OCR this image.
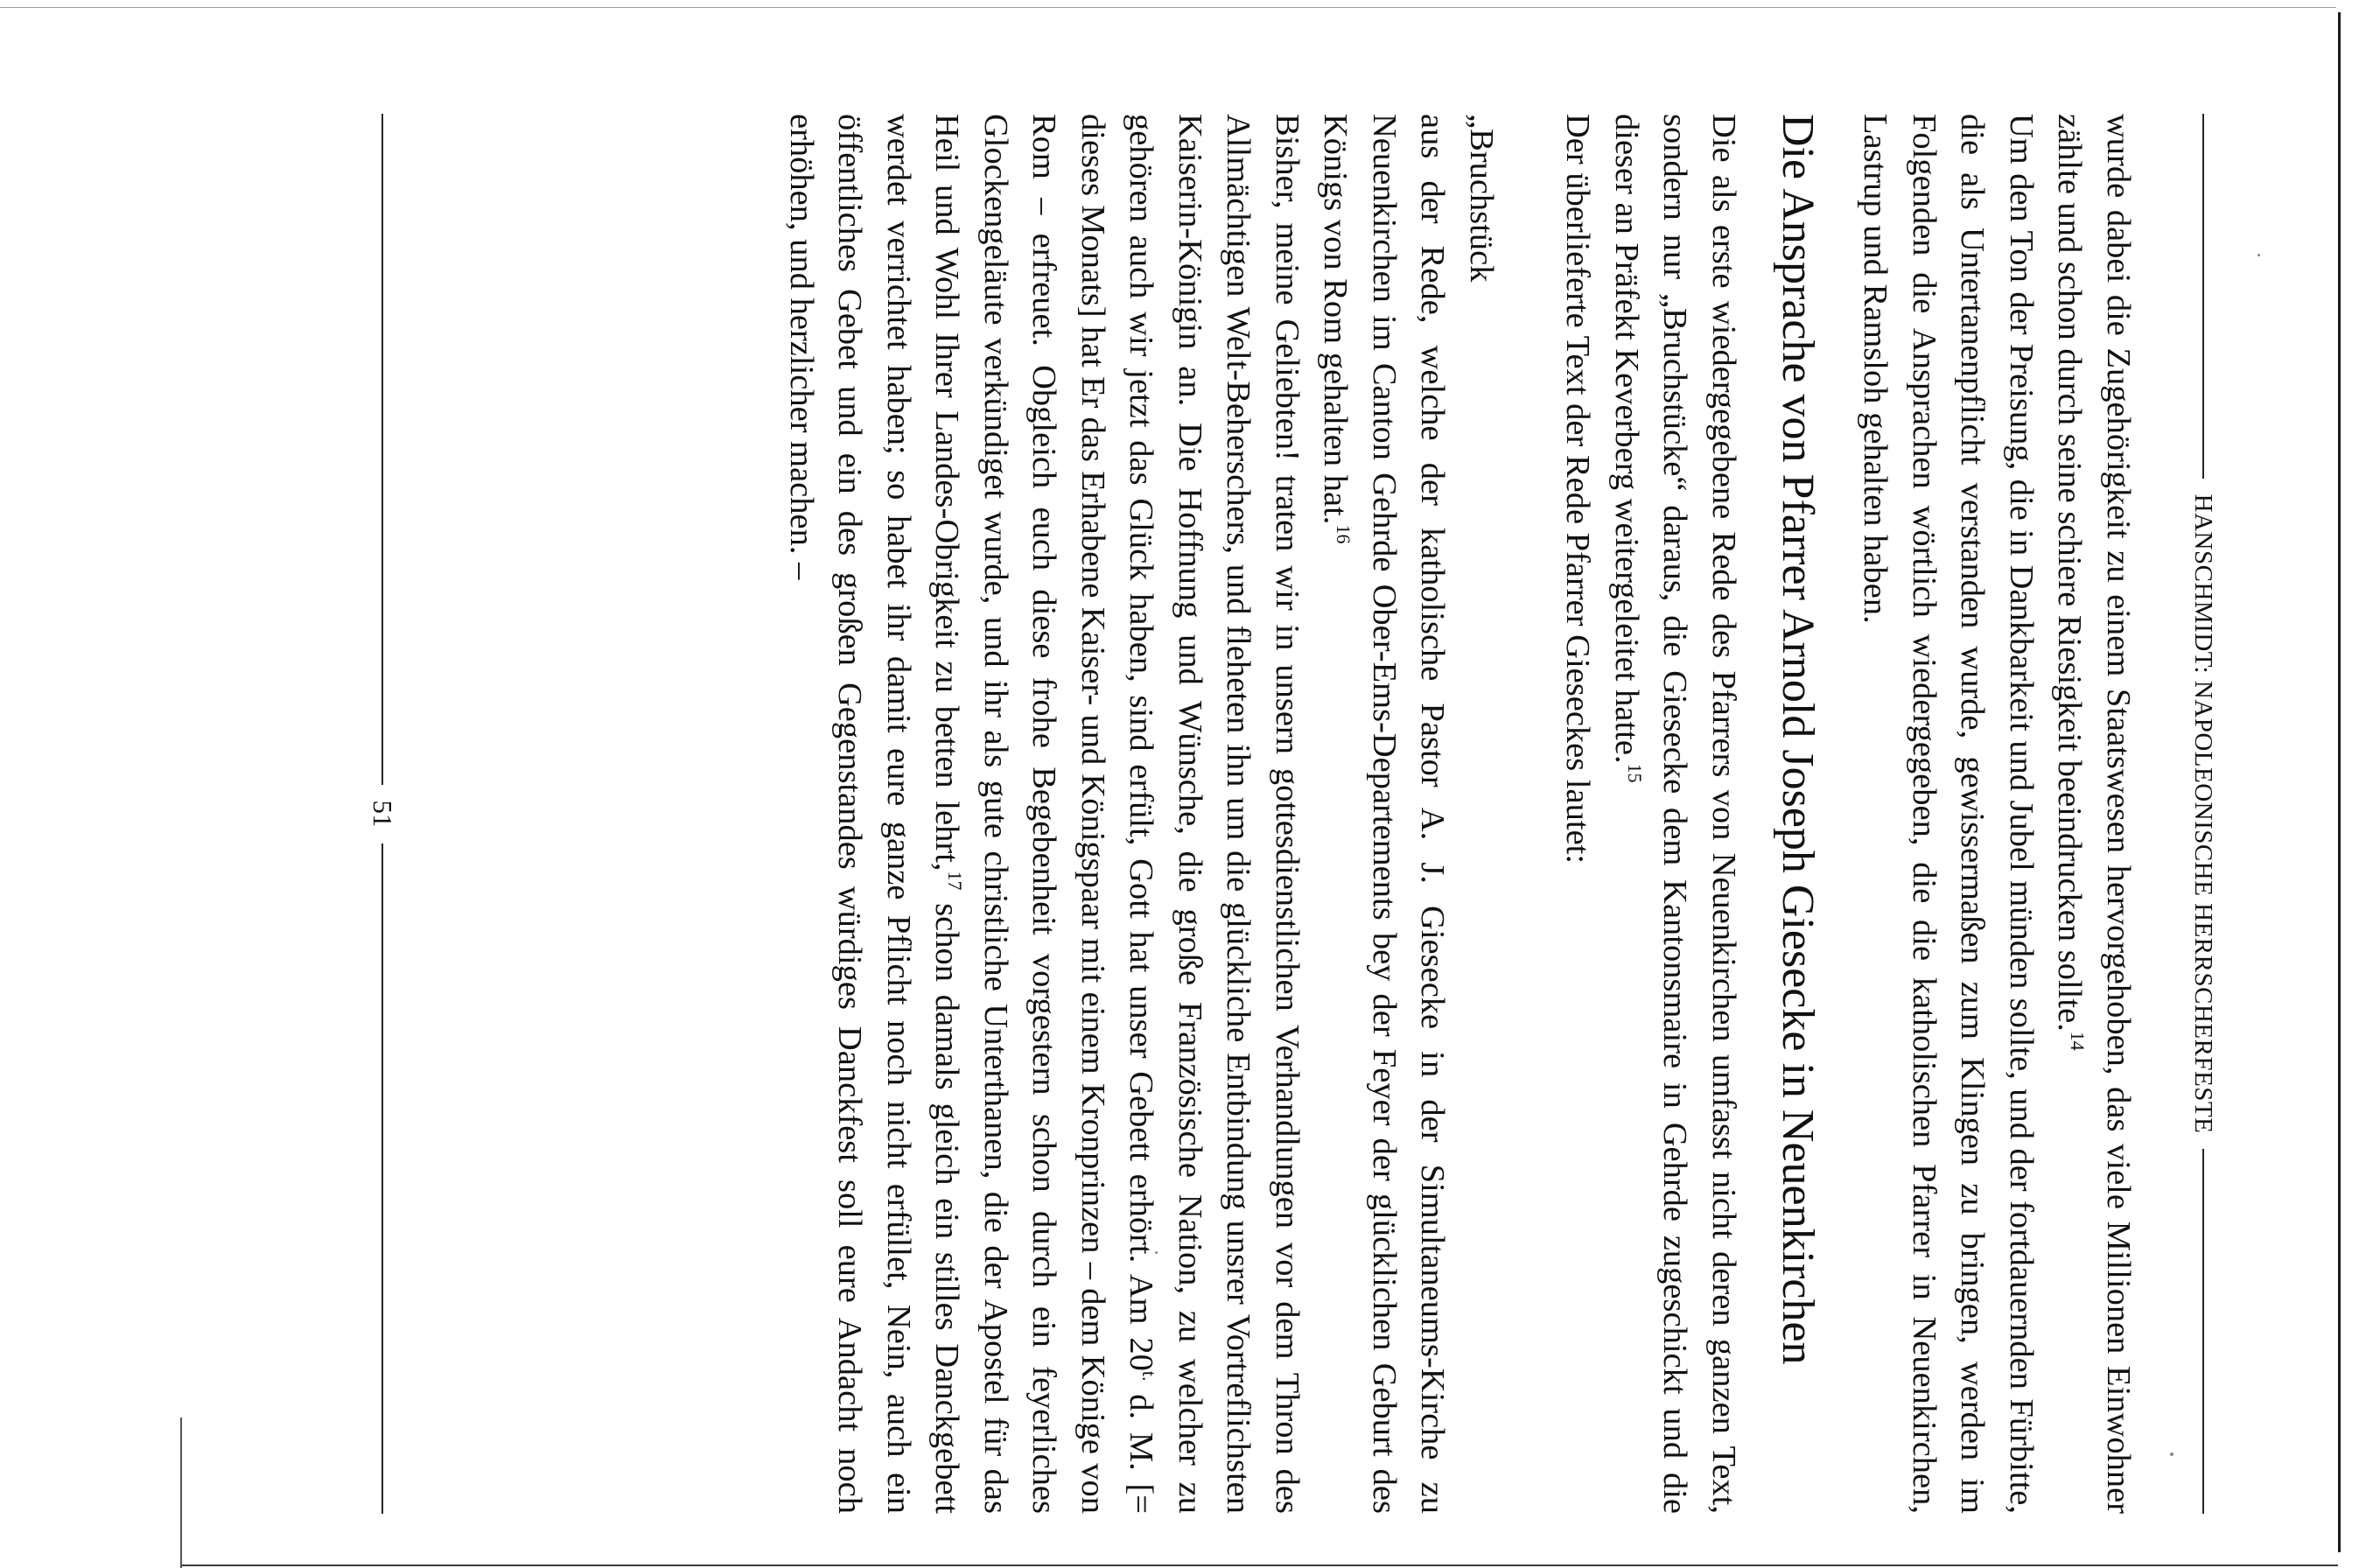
HANSCHMIDT: NAPOLEONISCHE HERRSCHERFESTE

wurde dabei die Zugehörigkeit zu einem Staatswesen hervorgehoben, das viele Millionen Einwohner zählte und schon durch seine schiere Riesigkeit beeindrucken sollte.$^{14}$

Um den Ton der Preisung, die in Dankbarkeit und Jubel münden sollte, und der fortdauernden Fürbitte, die als Untertanenpflicht verstanden wurde, gewissermaßen zum Klingen zu bringen, werden im Folgenden die Ansprachen wörtlich wiedergegeben, die die katholischen Pfarrer in Neuenkirchen, Lastrup und Ramsloh gehalten haben.

Die Ansprache von Pfarrer Arnold Joseph Giesecke in Neuenkirchen

Die als erste wiedergegebene Rede des Pfarrers von Neuenkirchen umfasst nicht deren ganzen Text, sondern nur „Bruchstücke“ daraus, die Giesecke dem Kantonsmaire in Gehrde zugeschickt und die dieser an Präfekt Keverberg weitergeleitet hatte.$^{15}$

Der überlieferte Text der Rede Pfarrer Gieseckes lautet:

„Bruchstück

aus der Rede, welche der katholische Pastor A. J. Giesecke in der Simultaneums-Kirche zu Neuenkirchen im Canton Gehrde Ober-Ems-Departements bey der Feyer der glücklichen Geburt des Königs von Rom gehalten hat.$^{16}$

Bisher, meine Geliebten! traten wir in unsern gottesdienstlichen Verhandlungen vor dem Thron des Allmächtigen Welt-Beherschers, und fleheten ihn um die glückliche Entbindung unsrer Vortreflichsten Kaiserin-Königin an. Die Hoffnung und Wünsche, die große Französische Nation, zu welcher zu gehören auch wir jetzt das Glück haben, sind erfült, Gott hat unser Gebett erhört. Am 20$^{t.}$ d. M. [= dieses Monats] hat Er das Erhabene Kaiser- und Königspaar mit einem Kronprinzen – dem Könige von Rom – erfreuet. Obgleich euch diese frohe Begebenheit vorgestern schon durch ein feyerliches Glockengeläute verkündiget wurde, und ihr als gute christliche Unterthanen, die der Apostel für das Heil und Wohl Ihrer Landes-Obrigkeit zu betten lehrt,$^{17}$ schon damals gleich ein stilles Danckgebett werdet verrichtet haben; so habet ihr damit eure ganze Pflicht noch nicht erfüllet, Nein, auch ein öffentliches Gebet und ein des großen Gegenstandes würdiges Danckfest soll eure Andacht noch erhöhen, und herzlicher machen. –

51
